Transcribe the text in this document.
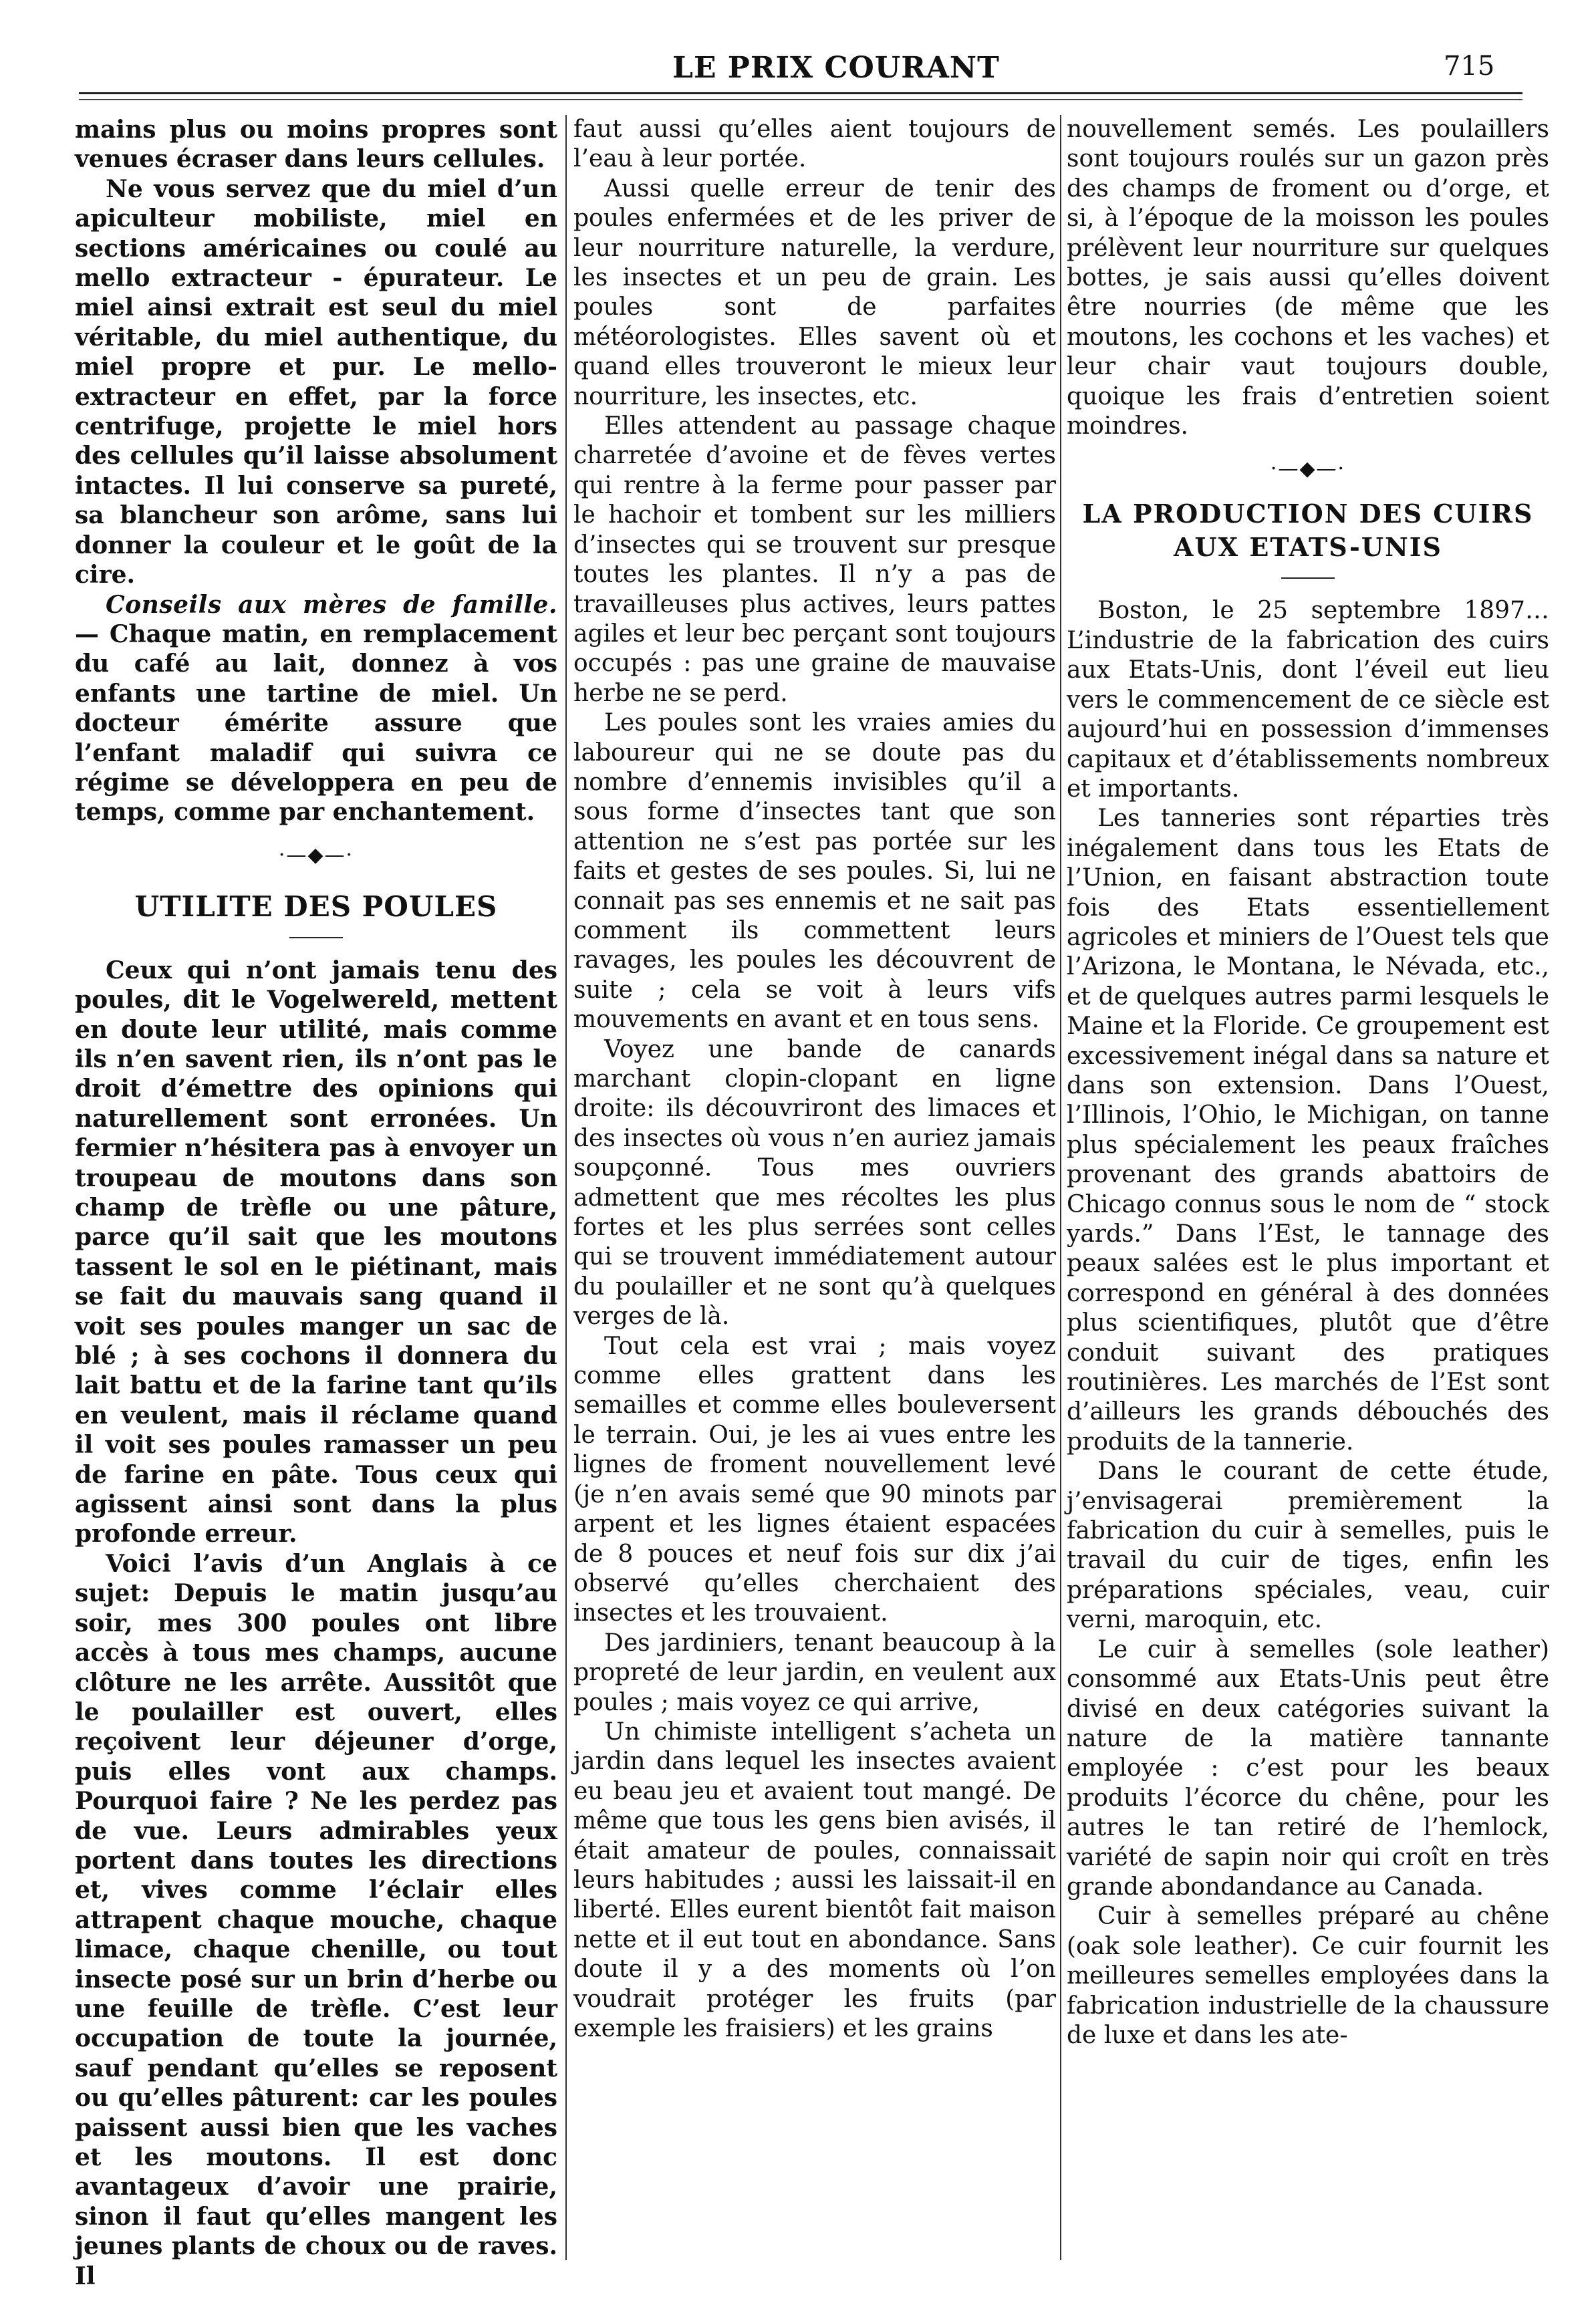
LE PRIX COURANT	715

mains plus ou moins propres sont venues écraser dans leurs cellules.

Ne vous servez que du miel d’un apiculteur mobiliste, miel en sections américaines ou coulé au mello extracteur - épurateur. Le miel ainsi extrait est seul du miel véritable, du miel authentique, du miel propre et pur. Le mello-extracteur en effet, par la force centrifuge, projette le miel hors des cellules qu’il laisse absolument intactes. Il lui conserve sa pureté, sa blancheur son arôme, sans lui donner la couleur et le goût de la cire.

Conseils aux mères de famille. — Chaque matin, en remplacement du café au lait, donnez à vos enfants une tartine de miel. Un docteur émérite assure que l’enfant maladif qui suivra ce régime se développera en peu de temps, comme par enchantement.

·—◆—·
UTILITE DES POULES

Ceux qui n’ont jamais tenu des poules, dit le Vogelwereld, mettent en doute leur utilité, mais comme ils n’en savent rien, ils n’ont pas le droit d’émettre des opinions qui naturellement sont erronées. Un fermier n’hésitera pas à envoyer un troupeau de moutons dans son champ de trèfle ou une pâture, parce qu’il sait que les moutons tassent le sol en le piétinant, mais se fait du mauvais sang quand il voit ses poules manger un sac de blé ; à ses cochons il donnera du lait battu et de la farine tant qu’ils en veulent, mais il réclame quand il voit ses poules ramasser un peu de farine en pâte. Tous ceux qui agissent ainsi sont dans la plus profonde erreur.

Voici l’avis d’un Anglais à ce sujet: Depuis le matin jusqu’au soir, mes 300 poules ont libre accès à tous mes champs, aucune clôture ne les arrête. Aussitôt que le poulailler est ouvert, elles reçoivent leur déjeuner d’orge, puis elles vont aux champs. Pourquoi faire ? Ne les perdez pas de vue. Leurs admirables yeux portent dans toutes les directions et, vives comme l’éclair elles attrapent chaque mouche, chaque limace, chaque chenille, ou tout insecte posé sur un brin d’herbe ou une feuille de trèfle. C’est leur occupation de toute la journée, sauf pendant qu’elles se reposent ou qu’elles pâturent: car les poules paissent aussi bien que les vaches et les moutons. Il est donc avantageux d’avoir une prairie, sinon il faut qu’elles mangent les jeunes plants de choux ou de raves. Il

faut aussi qu’elles aient toujours de l’eau à leur portée.

Aussi quelle erreur de tenir des poules enfermées et de les priver de leur nourriture naturelle, la verdure, les insectes et un peu de grain. Les poules sont de parfaites météorologistes. Elles savent où et quand elles trouveront le mieux leur nourriture, les insectes, etc.

Elles attendent au passage chaque charretée d’avoine et de fèves vertes qui rentre à la ferme pour passer par le hachoir et tombent sur les milliers d’insectes qui se trouvent sur presque toutes les plantes. Il n’y a pas de travailleuses plus actives, leurs pattes agiles et leur bec perçant sont toujours occupés : pas une graine de mauvaise herbe ne se perd.

Les poules sont les vraies amies du laboureur qui ne se doute pas du nombre d’ennemis invisibles qu’il a sous forme d’insectes tant que son attention ne s’est pas portée sur les faits et gestes de ses poules. Si, lui ne connait pas ses ennemis et ne sait pas comment ils commettent leurs ravages, les poules les découvrent de suite ; cela se voit à leurs vifs mouvements en avant et en tous sens.

Voyez une bande de canards marchant clopin-clopant en ligne droite: ils découvriront des limaces et des insectes où vous n’en auriez jamais soupçonné. Tous mes ouvriers admettent que mes récoltes les plus fortes et les plus serrées sont celles qui se trouvent immédiatement autour du poulailler et ne sont qu’à quelques verges de là.

Tout cela est vrai ; mais voyez comme elles grattent dans les semailles et comme elles bouleversent le terrain. Oui, je les ai vues entre les lignes de froment nouvellement levé (je n’en avais semé que 90 minots par arpent et les lignes étaient espacées de 8 pouces et neuf fois sur dix j’ai observé qu’elles cherchaient des insectes et les trouvaient.

Des jardiniers, tenant beaucoup à la propreté de leur jardin, en veulent aux poules ; mais voyez ce qui arrive,

Un chimiste intelligent s’acheta un jardin dans lequel les insectes avaient eu beau jeu et avaient tout mangé. De même que tous les gens bien avisés, il était amateur de poules, connaissait leurs habitudes ; aussi les laissait-il en liberté. Elles eurent bientôt fait maison nette et il eut tout en abondance. Sans doute il y a des moments où l’on voudrait protéger les fruits (par exemple les fraisiers) et les grains

nouvellement semés. Les poulaillers sont toujours roulés sur un gazon près des champs de froment ou d’orge, et si, à l’époque de la moisson les poules prélèvent leur nourriture sur quelques bottes, je sais aussi qu’elles doivent être nourries (de même que les moutons, les cochons et les vaches) et leur chair vaut toujours double, quoique les frais d’entretien soient moindres.

·—◆—·
LA PRODUCTION DES CUIRS
AUX ETATS-UNIS

Boston, le 25 septembre 1897… L’industrie de la fabrication des cuirs aux Etats-Unis, dont l’éveil eut lieu vers le commencement de ce siècle est aujourd’hui en possession d’immenses capitaux et d’établissements nombreux et importants.

Les tanneries sont réparties très inégalement dans tous les Etats de l’Union, en faisant abstraction toute fois des Etats essentiellement agricoles et miniers de l’Ouest tels que l’Arizona, le Montana, le Névada, etc., et de quelques autres parmi lesquels le Maine et la Floride. Ce groupement est excessivement inégal dans sa nature et dans son extension. Dans l’Ouest, l’Illinois, l’Ohio, le Michigan, on tanne plus spécialement les peaux fraîches provenant des grands abattoirs de Chicago connus sous le nom de “ stock yards.” Dans l’Est, le tannage des peaux salées est le plus important et correspond en général à des données plus scientifiques, plutôt que d’être conduit suivant des pratiques routinières. Les marchés de l’Est sont d’ailleurs les grands débouchés des produits de la tannerie.

Dans le courant de cette étude, j’envisagerai premièrement la fabrication du cuir à semelles, puis le travail du cuir de tiges, enfin les préparations spéciales, veau, cuir verni, maroquin, etc.

Le cuir à semelles (sole leather) consommé aux Etats-Unis peut être divisé en deux catégories suivant la nature de la matière tannante employée : c’est pour les beaux produits l’écorce du chêne, pour les autres le tan retiré de l’hemlock, variété de sapin noir qui croît en très grande abondandance au Canada.

Cuir à semelles préparé au chêne (oak sole leather). Ce cuir fournit les meilleures semelles employées dans la fabrication industrielle de la chaussure de luxe et dans les ate-
